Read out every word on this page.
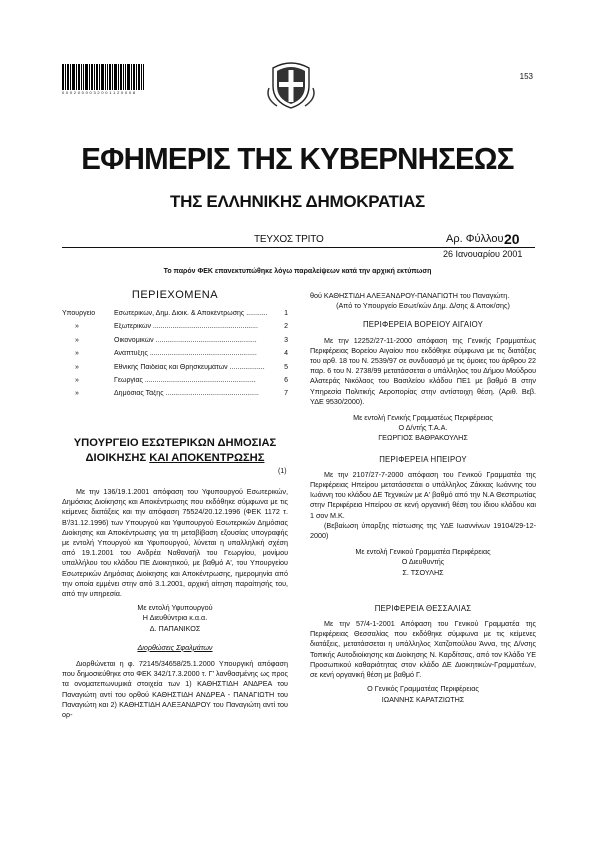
0 0 0 2 0 0 0 0 3 2 0 0 1 1 2 0 0 0 8
153
ΕΦΗΜΕΡΙΣ ΤΗΣ ΚΥΒΕΡΝΗΣΕΩΣ
ΤΗΣ ΕΛΛΗΝΙΚΗΣ ΔΗΜΟΚΡΑΤΙΑΣ
ΤΕΥΧΟΣ ΤΡΙΤΟ	Αρ. Φύλλου 20
26 Ιανουαρίου 2001
Το παρόν ΦΕΚ επανεκτυπώθηκε λόγω παραλείψεων κατά την αρχική εκτύπωση
ΠΕΡΙΕΧΟΜΕΝΑ
Υπουργείο	Εσωτερικών, Δημ. Διοικ. & Αποκέντρωσης ...........	1
»	Εξωτερικών ......................................................	2
»	Οικονομικών ....................................................	3
»	Ανάπτυξης .......................................................	4
»	Εθνικής Παιδείας και Θρησκευμάτων ..................	5
»	Γεωργίας .........................................................	6
»	Δημόσιας Τάξης ................................................	7
ΥΠΟΥΡΓΕΙΟ ΕΣΩΤΕΡΙΚΩΝ ΔΗΜΟΣΙΑΣ
ΔΙΟΙΚΗΣΗΣ ΚΑΙ ΑΠΟΚΕΝΤΡΩΣΗΣ
(1)

Με την 136/19.1.2001 απόφαση του Υφυπουργού Εσωτερικών, Δημόσιας Διοίκησης και Αποκέντρωσης που εκδόθηκε σύμφωνα με τις κείμενες διατάξεις και την απόφαση 75524/20.12.1996 (ΦΕΚ 1172 τ. Β'/31.12.1996) των Υπουργού και Υφυπουργού Εσωτερικών Δημόσιας Διοίκησης και Αποκέντρωσης για τη μεταβίβαση εξουσίας υπογραφής με εντολή Υπουργού και Υφυπουργού, λύνεται η υπαλληλική σχέση από 19.1.2001 του Ανδρέα Ναθαναήλ του Γεωργίου, μονίμου υπαλλήλου του κλάδου ΠΕ Διοικητικού, με βαθμό Α', του Υπουργείου Εσωτερικών Δημόσιας Διοίκησης και Αποκέντρωσης, ημερομηνία από την οποία εμμένει στην από 3.1.2001, αρχική αίτηση παραίτησής του, από την υπηρεσία.

Με εντολή Υφυπουργού
Η Διευθύντρια κ.α.α.
Δ. ΠΑΠΑΝΙΚΟΣ
Διορθώσεις Σφαλμάτων

Διορθώνεται η φ. 72145/34658/25.1.2000 Υπουργική απόφαση που δημοσιεύθηκε στο ΦΕΚ 342/17.3.2000 τ. Γ' λανθασμένης ως προς τα ονοματεπωνυμικά στοιχεία των 1) ΚΑΘΗΣΤΙΔΗ ΑΝΔΡΕΑ του Παναγιώτη αντί του ορθού ΚΑΘΗΣΤΙΔΗ ΑΝΔΡΕΑ - ΠΑΝΑΓΙΩΤΗ του Παναγιώτη και 2) ΚΑΘΗΣΤΙΔΗ ΑΛΕΞΑΝΔΡΟΥ του Παναγιώτη αντί του ορ-

θού ΚΑΘΗΣΤΙΔΗ ΑΛΕΞΑΝΔΡΟΥ-ΠΑΝΑΓΙΩΤΗ του Παναγιώτη.

(Από το Υπουργείο Εσωτ/κών Δημ. Δ/σης & Αποκ/σης)
ΠΕΡΙΦΕΡΕΙΑ ΒΟΡΕΙΟΥ ΑΙΓΑΙΟΥ

Με την 12252/27-11-2000 απόφαση της Γενικής Γραμματέως Περιφέρειας Βορείου Αιγαίου που εκδόθηκε σύμφωνα με τις διατάξεις του αρθ. 18 του Ν. 2539/97 σε συνδυασμό με τις όμοιες του άρθρου 22 παρ. 6 του Ν. 2738/99 μετατάσσεται ο υπάλληλος του Δήμου Μούδρου Αλατεράς Νικόλαος του Βασιλείου κλάδου ΠΕ1 με βαθμό Β στην Υπηρεσία Πολιτικής Αεροπορίας στην αντίστοιχη θέση. (Αριθ. Βεβ. ΥΔΕ 9530/2000).

Με εντολή Γενικής Γραμματέως Περιφέρειας
Ο Δ/ντής Τ.Α.Α.
ΓΕΩΡΓΙΟΣ ΒΑΘΡΑΚΟΥΛΗΣ
ΠΕΡΙΦΕΡΕΙΑ ΗΠΕΙΡΟΥ

Με την 2107/27-7-2000 απόφαση του Γενικού Γραμματέα της Περιφέρειας Ηπείρου μετατάσσεται ο υπάλληλος Ζάκκας Ιωάννης του Ιωάννη του κλάδου ΔΕ Τεχνικών με Α' βαθμό από την Ν.Α Θεσπρωτίας στην Περιφέρεια Ηπείρου σε κενή οργανική θέση του ίδιου κλάδου και 1 σον Μ.Κ.

(Βεβαίωση ύπαρξης πίστωσης της ΥΔΕ Ιωαννίνων 19104/29-12-2000)

Με εντολή Γενικού Γραμματέα Περιφέρειας
Ο Διευθυντής
Σ. ΤΣΟΥΛΗΣ
ΠΕΡΙΦΕΡΕΙΑ ΘΕΣΣΑΛΙΑΣ

Με την 57/4-1-2001 Απόφαση του Γενικού Γραμματέα της Περιφέρειας Θεσσαλίας που εκδόθηκε σύμφωνα με τις κείμενες διατάξεις, μετατάσσεται η υπάλληλος Χατζοπούλου Άννα, της Δ/νσης Τοπικής Αυτοδιοίκησης και Διοίκησης Ν. Καρδίτσας, από τον Κλάδο ΥΕ Προσωπικού καθαριότητας στον κλάδο ΔΕ Διοικητικών-Γραμματέων, σε κενή οργανική θέση με βαθμό Γ.

Ο Γενικός Γραμματέας Περιφέρειας
ΙΩΑΝΝΗΣ ΚΑΡΑΤΖΙΩΤΗΣ
